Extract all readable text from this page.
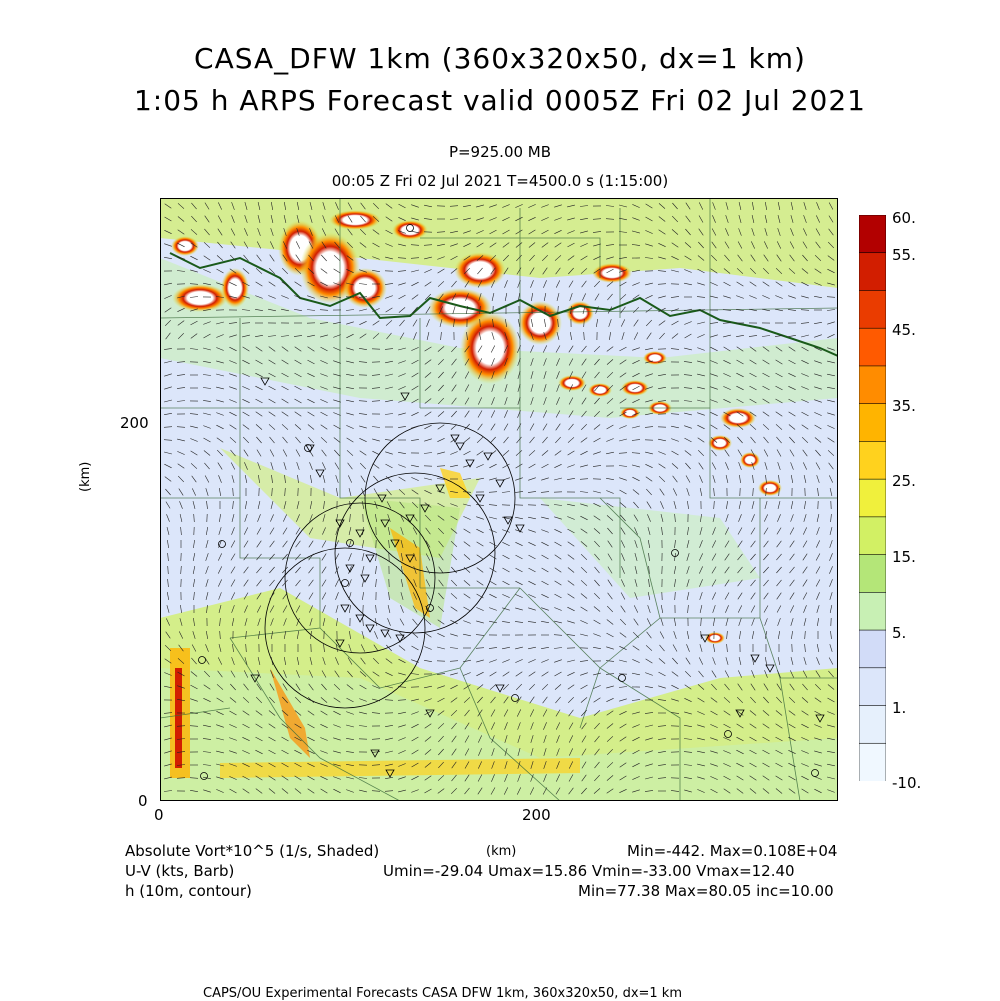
CASA_DFW 1km (360x320x50, dx=1 km)
1:05 h ARPS Forecast valid 0005Z Fri 02 Jul 2021
P=925.00 MB
00:05 Z Fri 02 Jul 2021 T=4500.0 s (1:15:00)
200
0
0	200
(km)
(km)
60.
55.
45.
35.
25.
15.
5.
1.
-10.
Absolute Vort*10^5 (1/s, Shaded)	Min=-442. Max=0.108E+04
U-V (kts, Barb)	Umin=-29.04 Umax=15.86 Vmin=-33.00 Vmax=12.40
h (10m, contour)	Min=77.38 Max=80.05 inc=10.00
CAPS/OU Experimental Forecasts CASA DFW 1km, 360x320x50, dx=1 km
